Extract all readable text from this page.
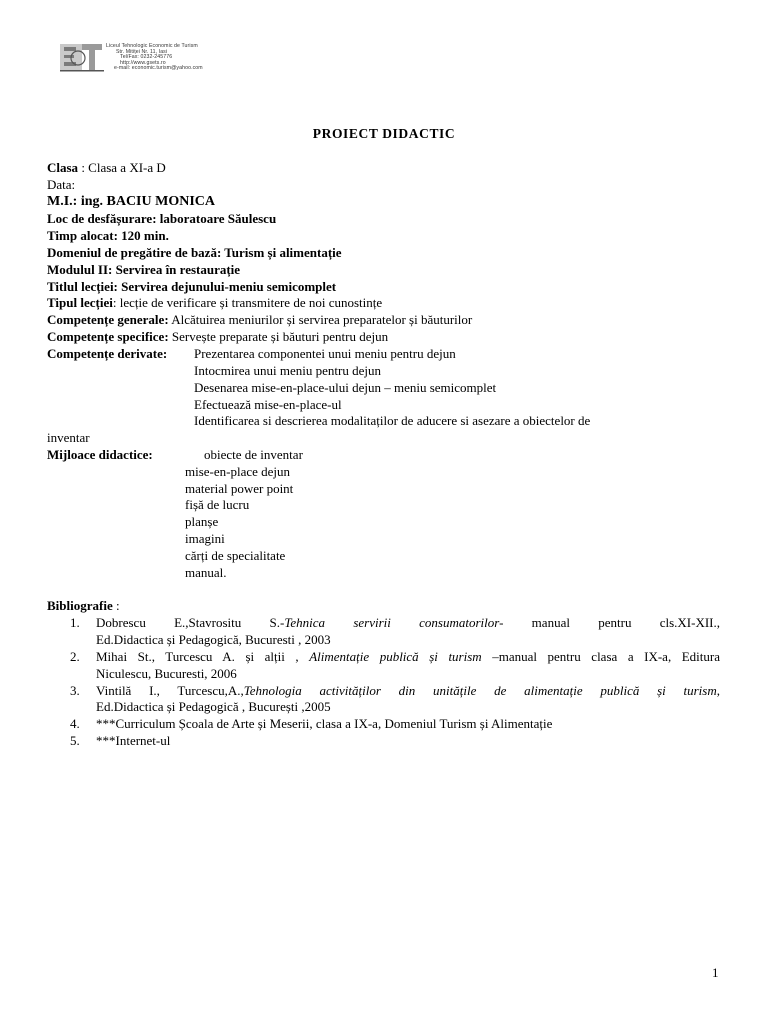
Liceul Tehnologic Economic de Turism
Str. Mitiței Nr. 11, Iasi
Tel/Fax: 0232-245776
http://www.gsets.ro
e-mail: economic.turism@yahoo.com
PROIECT DIDACTIC
Clasa : Clasa a XI-a D
Data:
M.I.: ing. BACIU MONICA
Loc de desfășurare: laboratoare Săulescu
Timp alocat: 120 min.
Domeniul de pregătire de bază: Turism și alimentație
Modulul II: Servirea în restaurație
Titlul lecției: Servirea dejunului-meniu semicomplet
Tipul lecției: lecție de verificare și transmitere de noi cunostințe
Competențe generale: Alcătuirea meniurilor și servirea preparatelor și băuturilor
Competențe specifice: Servește preparate și băuturi pentru dejun
Competențe derivate: Prezentarea componentei unui meniu pentru dejun
Intocmirea unui meniu pentru dejun
Desenarea mise-en-place-ului dejun – meniu semicomplet
Efectuează mise-en-place-ul
Identificarea si descrierea modalitaților de aducere si asezare a obiectelor de
inventar
Mijloace didactice:	obiecte de inventar
mise-en-place dejun
material power point
fișă de lucru
planșe
imagini
cărți de specialitate
manual.
Bibliografie :
1. Dobrescu E.,Stavrositu S.-Tehnica servirii consumatorilor- manual pentru cls.XI-XII.,
Ed.Didactica și Pedagogică, Bucuresti , 2003
2. Mihai St., Turcescu A. și alții , Alimentație publică și turism –manual pentru clasa a IX-a, Editura
Niculescu, Bucuresti, 2006
3. Vintilă I., Turcescu,A.,Tehnologia activităților din unitățile de alimentație publică și turism,
Ed.Didactica și Pedagogică , București ,2005
4. ***Curriculum Școala de Arte și Meserii, clasa a IX-a, Domeniul Turism și Alimentație
5. ***Internet-ul
1
